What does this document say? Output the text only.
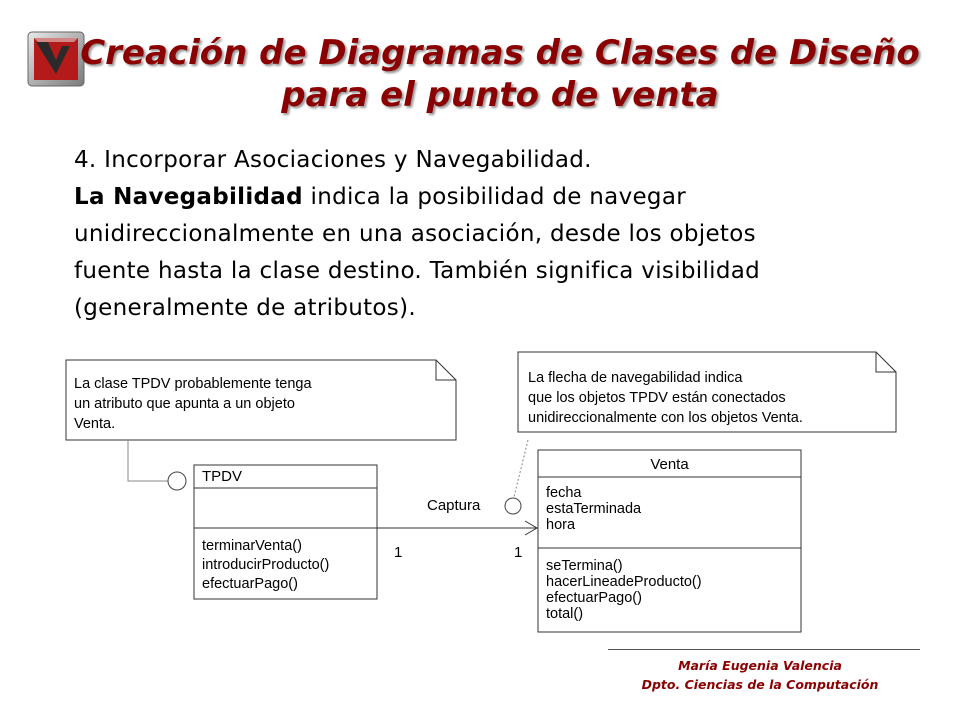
Creación de Diagramas de Clases de Diseño
para el punto de venta

4. Incorporar Asociaciones y Navegabilidad.

La Navegabilidad indica la posibilidad de navegar

unidireccionalmente en una asociación, desde los objetos

fuente hasta la clase destino. También significa visibilidad

(generalmente de atributos).

La clase TPDV probablemente tenga
un atributo que apunta a un objeto
Venta.
La flecha de navegabilidad indica
que los objetos TPDV están conectados
unidireccionalmente con los objetos Venta.
TPDV
terminarVenta()
introducirProducto()
efectuarPago()
Venta
fecha
estaTerminada
hora
seTermina()
hacerLineadeProducto()
efectuarPago()
total()
Captura
1	1
María Eugenia Valencia
Dpto. Ciencias de la Computación
